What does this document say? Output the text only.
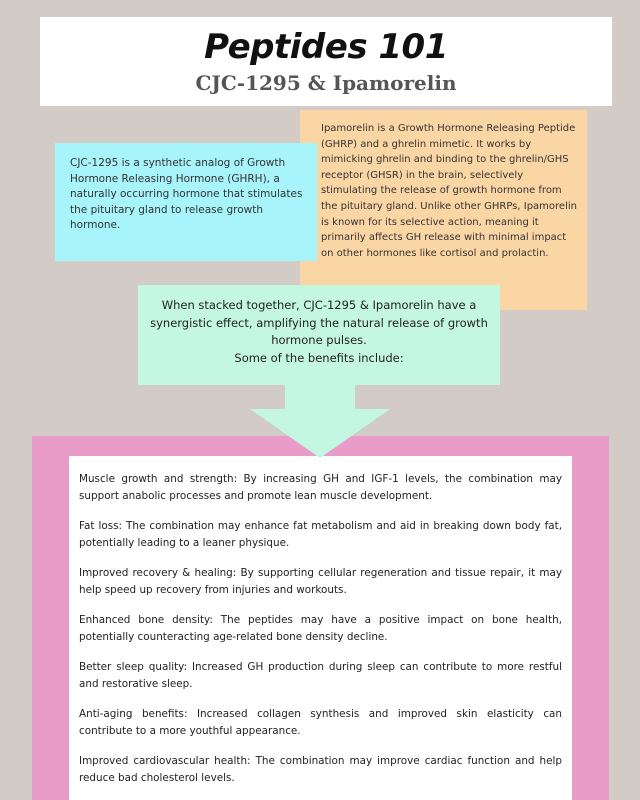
Peptides 101
CJC-1295 & Ipamorelin
Ipamorelin is a Growth Hormone Releasing Peptide (GHRP) and a ghrelin mimetic. It works by mimicking ghrelin and binding to the ghrelin/GHS receptor (GHSR) in the brain, selectively stimulating the release of growth hormone from the pituitary gland. Unlike other GHRPs, Ipamorelin is known for its selective action, meaning it primarily affects GH release with minimal impact on other hormones like cortisol and prolactin.
CJC-1295 is a synthetic analog of Growth Hormone Releasing Hormone (GHRH), a naturally occurring hormone that stimulates the pituitary gland to release growth hormone.
When stacked together, CJC-1295 & Ipamorelin have a synergistic effect, amplifying the natural release of growth hormone pulses.
Some of the benefits include:

Muscle growth and strength: By increasing GH and IGF-1 levels, the combination may support anabolic processes and promote lean muscle development.

Fat loss: The combination may enhance fat metabolism and aid in breaking down body fat, potentially leading to a leaner physique.

Improved recovery & healing: By supporting cellular regeneration and tissue repair, it may help speed up recovery from injuries and workouts.

Enhanced bone density: The peptides may have a positive impact on bone health, potentially counteracting age-related bone density decline.

Better sleep quality: Increased GH production during sleep can contribute to more restful and restorative sleep.

Anti-aging benefits: Increased collagen synthesis and improved skin elasticity can contribute to a more youthful appearance.

Improved cardiovascular health: The combination may improve cardiac function and help reduce bad cholesterol levels.
